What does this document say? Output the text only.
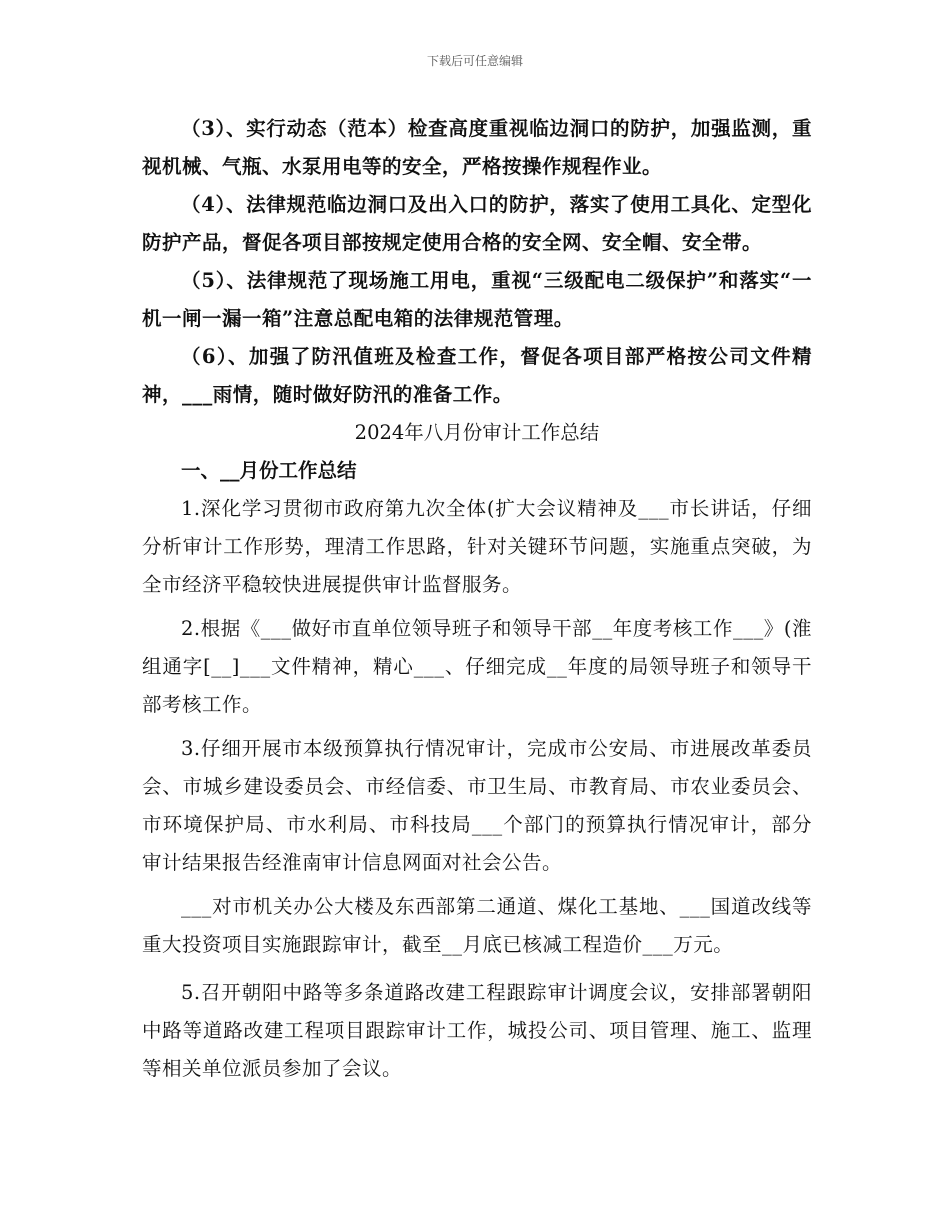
下载后可任意编辑

（3）、实行动态（范本）检查高度重视临边洞口的防护，加强监测，重视机械、气瓶、水泵用电等的安全，严格按操作规程作业。

（4）、法律规范临边洞口及出入口的防护，落实了使用工具化、定型化防护产品，督促各项目部按规定使用合格的安全网、安全帽、安全带。

（5）、法律规范了现场施工用电，重视“三级配电二级保护”和落实“一机一闸一漏一箱”注意总配电箱的法律规范管理。

（6）、加强了防汛值班及检查工作，督促各项目部严格按公司文件精神，___雨情，随时做好防汛的准备工作。

2024年八月份审计工作总结

一、__月份工作总结

1.深化学习贯彻市政府第九次全体(扩大会议精神及___市长讲话，仔细分析审计工作形势，理清工作思路，针对关键环节问题，实施重点突破，为全市经济平稳较快进展提供审计监督服务。

2.根据《___做好市直单位领导班子和领导干部__年度考核工作___》(淮组通字[__]___文件精神，精心___、仔细完成__年度的局领导班子和领导干部考核工作。

3.仔细开展市本级预算执行情况审计，完成市公安局、市进展改革委员会、市城乡建设委员会、市经信委、市卫生局、市教育局、市农业委员会、市环境保护局、市水利局、市科技局___个部门的预算执行情况审计，部分审计结果报告经淮南审计信息网面对社会公告。

___对市机关办公大楼及东西部第二通道、煤化工基地、___国道改线等重大投资项目实施跟踪审计，截至__月底已核减工程造价___万元。

5.召开朝阳中路等多条道路改建工程跟踪审计调度会议，安排部署朝阳中路等道路改建工程项目跟踪审计工作，城投公司、项目管理、施工、监理等相关单位派员参加了会议。
